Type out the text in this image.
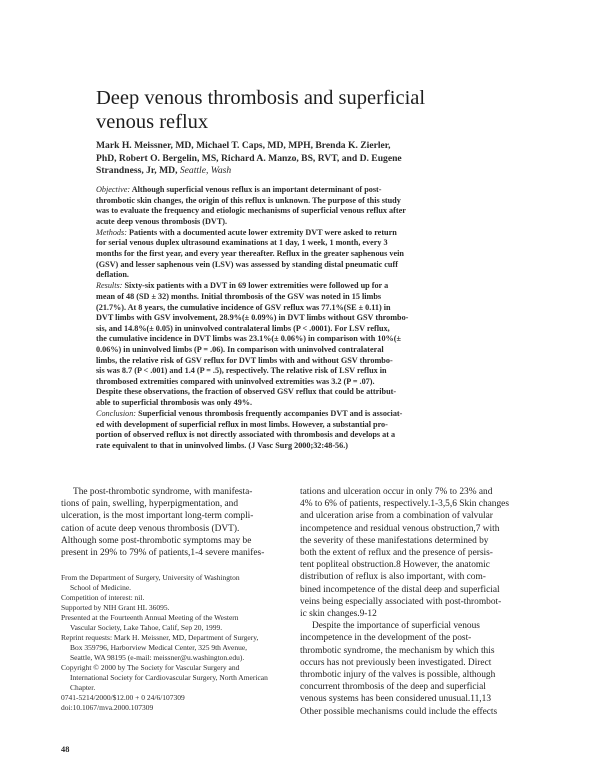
Deep venous thrombosis and superficial
venous reflux
Mark H. Meissner, MD, Michael T. Caps, MD, MPH, Brenda K. Zierler,
PhD, Robert O. Bergelin, MS, Richard A. Manzo, BS, RVT, and D. Eugene
Strandness, Jr, MD, Seattle, Wash
Objective: Although superficial venous reflux is an important determinant of post-
thrombotic skin changes, the origin of this reflux is unknown. The purpose of this study
was to evaluate the frequency and etiologic mechanisms of superficial venous reflux after
acute deep venous thrombosis (DVT).
Methods: Patients with a documented acute lower extremity DVT were asked to return
for serial venous duplex ultrasound examinations at 1 day, 1 week, 1 month, every 3
months for the first year, and every year thereafter. Reflux in the greater saphenous vein
(GSV) and lesser saphenous vein (LSV) was assessed by standing distal pneumatic cuff
deflation.
Results: Sixty-six patients with a DVT in 69 lower extremities were followed up for a
mean of 48 (SD ± 32) months. Initial thrombosis of the GSV was noted in 15 limbs
(21.7%). At 8 years, the cumulative incidence of GSV reflux was 77.1%(SE ± 0.11) in
DVT limbs with GSV involvement, 28.9%(± 0.09%) in DVT limbs without GSV thrombo-
sis, and 14.8%(± 0.05) in uninvolved contralateral limbs (P < .0001). For LSV reflux,
the cumulative incidence in DVT limbs was 23.1%(± 0.06%) in comparison with 10%(±
0.06%) in uninvolved limbs (P = .06). In comparison with uninvolved contralateral
limbs, the relative risk of GSV reflux for DVT limbs with and without GSV thrombo-
sis was 8.7 (P < .001) and 1.4 (P = .5), respectively. The relative risk of LSV reflux in
thrombosed extremities compared with uninvolved extremities was 3.2 (P = .07).
Despite these observations, the fraction of observed GSV reflux that could be attribut-
able to superficial thrombosis was only 49%.
Conclusion: Superficial venous thrombosis frequently accompanies DVT and is associat-
ed with development of superficial reflux in most limbs. However, a substantial pro-
portion of observed reflux is not directly associated with thrombosis and develops at a
rate equivalent to that in uninvolved limbs. (J Vasc Surg 2000;32:48-56.)
The post-thrombotic syndrome, with manifesta-
tions of pain, swelling, hyperpigmentation, and
ulceration, is the most important long-term compli-
cation of acute deep venous thrombosis (DVT).
Although some post-thrombotic symptoms may be
present in 29% to 79% of patients,1-4 severe manifes-
tations and ulceration occur in only 7% to 23% and
4% to 6% of patients, respectively.1-3,5,6 Skin changes
and ulceration arise from a combination of valvular
incompetence and residual venous obstruction,7 with
the severity of these manifestations determined by
both the extent of reflux and the presence of persis-
tent popliteal obstruction.8 However, the anatomic
distribution of reflux is also important, with com-
bined incompetence of the distal deep and superficial
veins being especially associated with post-thrombot-
ic skin changes.9-12
Despite the importance of superficial venous
incompetence in the development of the post-
thrombotic syndrome, the mechanism by which this
occurs has not previously been investigated. Direct
thrombotic injury of the valves is possible, although
concurrent thrombosis of the deep and superficial
venous systems has been considered unusual.11,13
Other possible mechanisms could include the effects
From the Department of Surgery, University of Washington
School of Medicine.
Competition of interest: nil.
Supported by NIH Grant HL 36095.
Presented at the Fourteenth Annual Meeting of the Western
Vascular Society, Lake Tahoe, Calif, Sep 20, 1999.
Reprint requests: Mark H. Meissner, MD, Department of Surgery,
Box 359796, Harborview Medical Center, 325 9th Avenue,
Seattle, WA 98195 (e-mail: meissner@u.washington.edu).
Copyright © 2000 by The Society for Vascular Surgery and
International Society for Cardiovascular Surgery, North American
Chapter.
0741-5214/2000/$12.00 + 0 24/6/107309
doi:10.1067/mva.2000.107309
48
